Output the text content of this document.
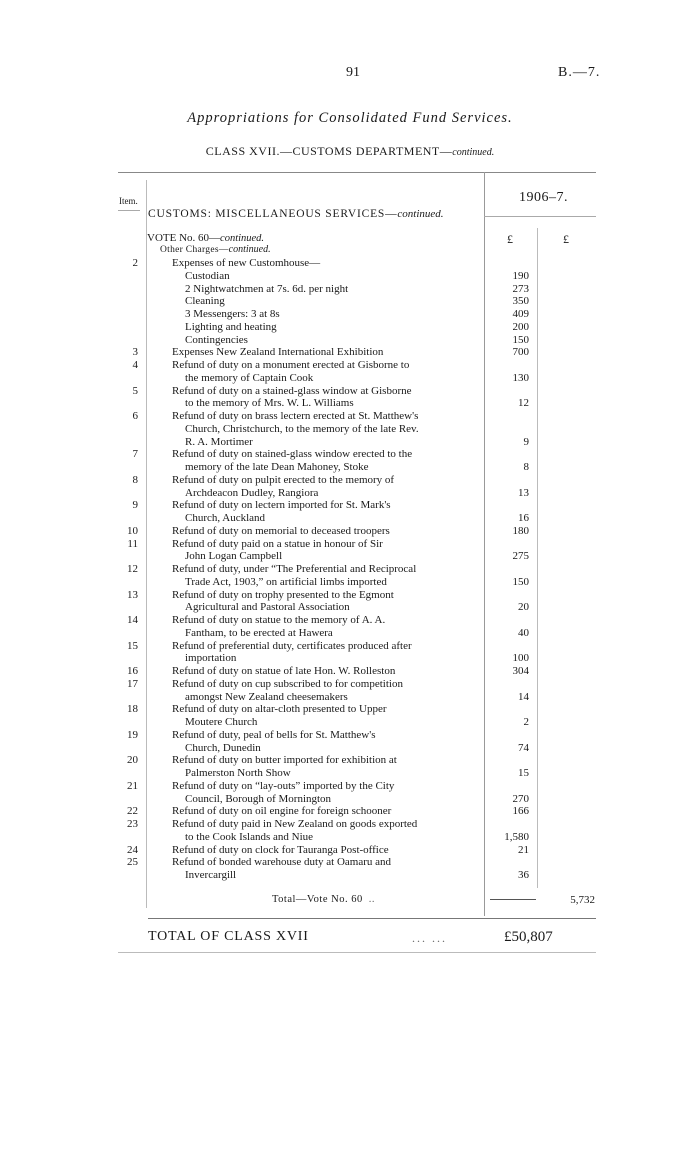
91	B.—7.
Appropriations for Consolidated Fund Services.
CLASS XVII.—CUSTOMS DEPARTMENT—continued.
Item.	1906–7.
£	£
CUSTOMS: MISCELLANEOUS SERVICES—continued.
VOTE No. 60—continued.
Other Charges—continued.
2	Expenses of new Customhouse—
Custodian	190
2 Nightwatchmen at 7s. 6d. per night	273
Cleaning	350
3 Messengers: 3 at 8s	409
Lighting and heating	200
Contingencies	150
3	Expenses New Zealand International Exhibition	700
4	Refund of duty on a monument erected at Gisborne to
the memory of Captain Cook	130
5	Refund of duty on a stained-glass window at Gisborne
to the memory of Mrs. W. L. Williams	12
6	Refund of duty on brass lectern erected at St. Matthew's
Church, Christchurch, to the memory of the late Rev.
R. A. Mortimer	9
7	Refund of duty on stained-glass window erected to the
memory of the late Dean Mahoney, Stoke	8
8	Refund of duty on pulpit erected to the memory of
Archdeacon Dudley, Rangiora	13
9	Refund of duty on lectern imported for St. Mark's
Church, Auckland	16
10	Refund of duty on memorial to deceased troopers	180
11	Refund of duty paid on a statue in honour of Sir
John Logan Campbell	275
12	Refund of duty, under “The Preferential and Reciprocal
Trade Act, 1903,” on artificial limbs imported	150
13	Refund of duty on trophy presented to the Egmont
Agricultural and Pastoral Association	20
14	Refund of duty on statue to the memory of A. A.
Fantham, to be erected at Hawera	40
15	Refund of preferential duty, certificates produced after
importation	100
16	Refund of duty on statue of late Hon. W. Rolleston	304
17	Refund of duty on cup subscribed to for competition
amongst New Zealand cheesemakers	14
18	Refund of duty on altar-cloth presented to Upper
Moutere Church	2
19	Refund of duty, peal of bells for St. Matthew's
Church, Dunedin	74
20	Refund of duty on butter imported for exhibition at
Palmerston North Show	15
21	Refund of duty on “lay-outs” imported by the City
Council, Borough of Mornington	270
22	Refund of duty on oil engine for foreign schooner	166
23	Refund of duty paid in New Zealand on goods exported
to the Cook Islands and Niue	1,580
24	Refund of duty on clock for Tauranga Post-office	21
25	Refund of bonded warehouse duty at Oamaru and
Invercargill	36
Total—Vote No. 60 ..	5,732
TOTAL OF CLASS XVII	... ...	£50,807
